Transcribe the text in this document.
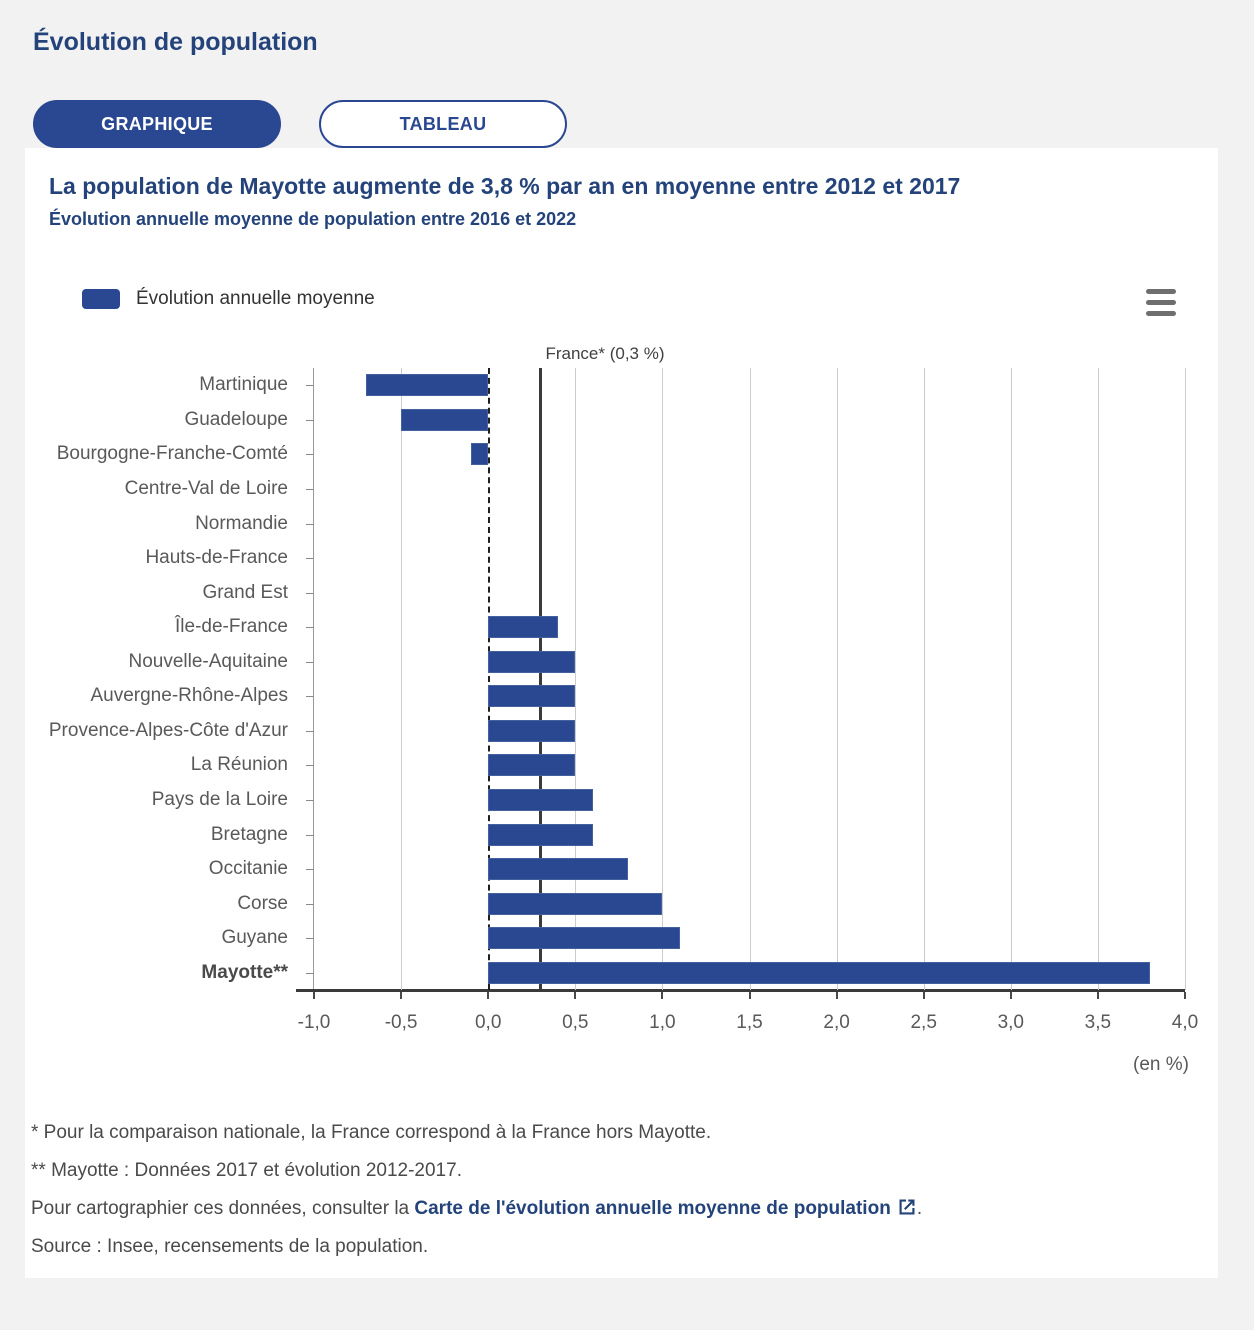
Évolution de population
GRAPHIQUE	TABLEAU
La population de Mayotte augmente de 3,8 % par an en moyenne entre 2012 et 2017
Évolution annuelle moyenne de population entre 2016 et 2022
Évolution annuelle moyenne
France* (0,3 %)
(en %)
-1,0	-0,5	0,0	0,5	1,0	1,5	2,0	2,5	3,0	3,5	4,0
Martinique
Guadeloupe
Bourgogne-Franche-Comté
Centre-Val de Loire
Normandie
Hauts-de-France
Grand Est
Île-de-France
Nouvelle-Aquitaine
Auvergne-Rhône-Alpes
Provence-Alpes-Côte d'Azur
La Réunion
Pays de la Loire
Bretagne
Occitanie
Corse
Guyane
Mayotte**

* Pour la comparaison nationale, la France correspond à la France hors Mayotte.

** Mayotte : Données 2017 et évolution 2012-2017.

Pour cartographier ces données, consulter la Carte de l'évolution annuelle moyenne de population .

Source : Insee, recensements de la population.
